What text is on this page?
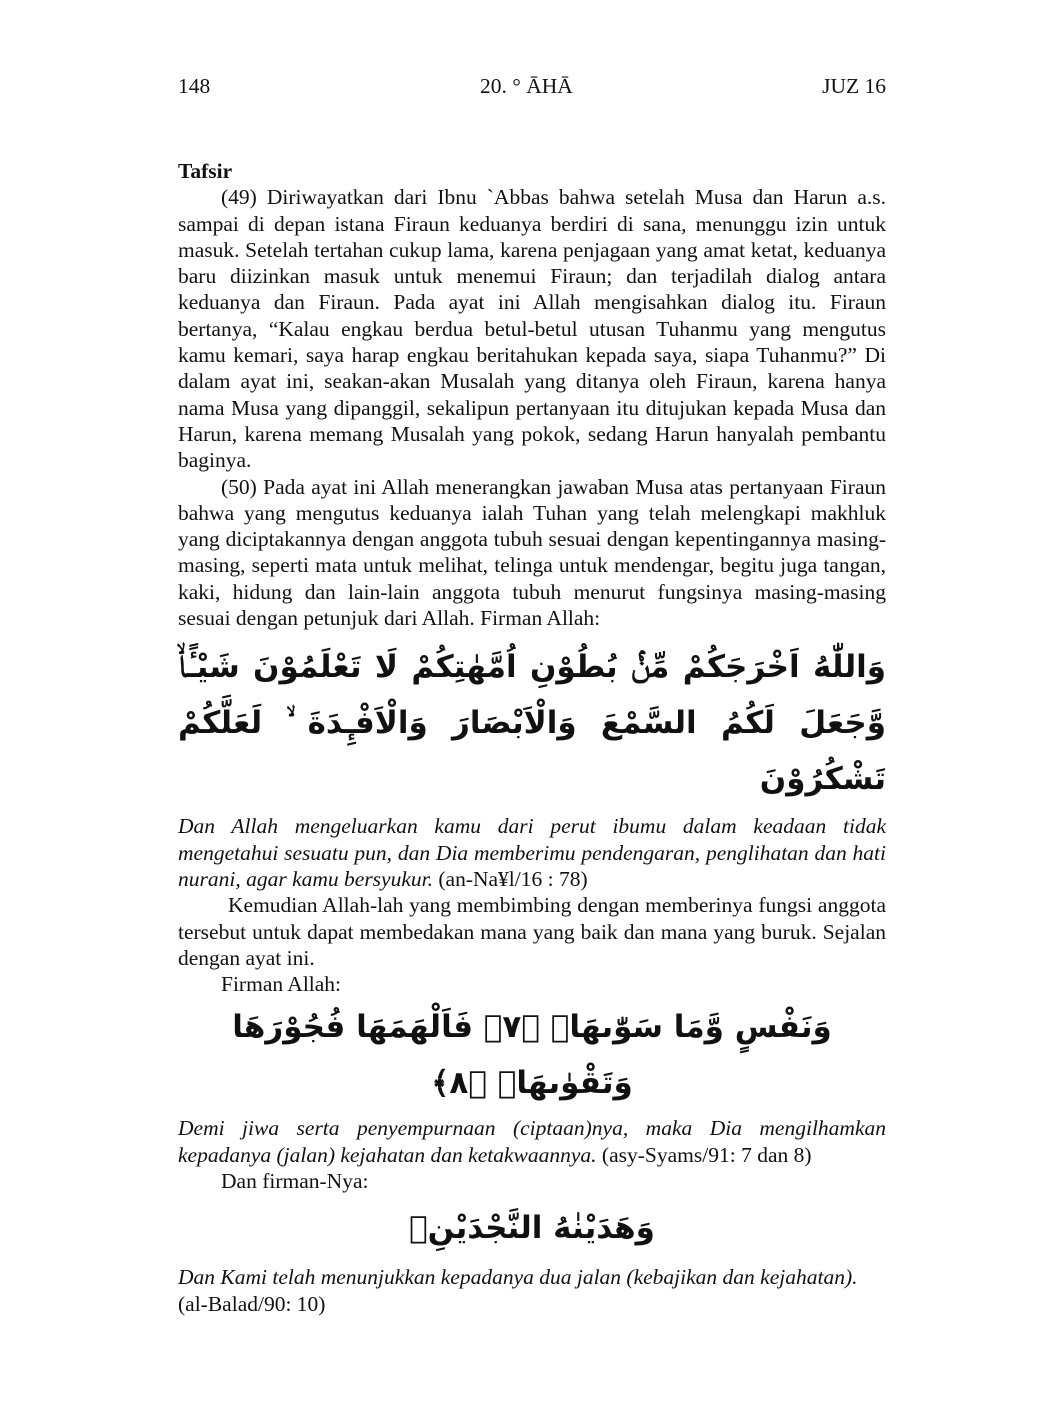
148	20. ° ĀHĀ	JUZ 16
Tafsir

(49) Diriwayatkan dari Ibnu `Abbas bahwa setelah Musa dan Harun a.s. sampai di depan istana Firaun keduanya berdiri di sana, menunggu izin untuk masuk. Setelah tertahan cukup lama, karena penjagaan yang amat ketat, keduanya baru diizinkan masuk untuk menemui Firaun; dan terjadilah dialog antara keduanya dan Firaun. Pada ayat ini Allah mengisahkan dialog itu. Firaun bertanya, “Kalau engkau berdua betul-betul utusan Tuhanmu yang mengutus kamu kemari, saya harap engkau beritahukan kepada saya, siapa Tuhanmu?” Di dalam ayat ini, seakan-akan Musalah yang ditanya oleh Firaun, karena hanya nama Musa yang dipanggil, sekalipun pertanyaan itu ditujukan kepada Musa dan Harun, karena memang Musalah yang pokok, sedang Harun hanyalah pembantu baginya.

(50) Pada ayat ini Allah menerangkan jawaban Musa atas pertanyaan Firaun bahwa yang mengutus keduanya ialah Tuhan yang telah melengkapi makhluk yang diciptakannya dengan anggota tubuh sesuai dengan kepentingannya masing-masing, seperti mata untuk melihat, telinga untuk mendengar, begitu juga tangan, kaki, hidung dan lain-lain anggota tubuh menurut fungsinya masing-masing sesuai dengan petunjuk dari Allah. Firman Allah:

وَاللّٰهُ اَخْرَجَكُمْ مِّنْۢ بُطُوْنِ اُمَّهٰتِكُمْ لَا تَعْلَمُوْنَ شَيْـًٔاۙ وَّجَعَلَ لَكُمُ السَّمْعَ وَالْاَبْصَارَ وَالْاَفْـِٕدَةَ ۙ لَعَلَّكُمْ تَشْكُرُوْنَ

Dan Allah mengeluarkan kamu dari perut ibumu dalam keadaan tidak mengetahui sesuatu pun, dan Dia memberimu pendengaran, penglihatan dan hati nurani, agar kamu bersyukur. (an-Na¥l/16 : 78)

Kemudian Allah-lah yang membimbing dengan memberinya fungsi anggota tersebut untuk dapat membedakan mana yang baik dan mana yang buruk. Sejalan dengan ayat ini.

Firman Allah:

وَنَفْسٍ وَّمَا سَوّٰىهَاۖ ﴿٧﴾ فَاَلْهَمَهَا فُجُوْرَهَا وَتَقْوٰىهَاۖ ﴿٨﴾

Demi jiwa serta penyempurnaan (ciptaan)nya, maka Dia mengilhamkan kepadanya (jalan) kejahatan dan ketakwaannya. (asy-Syams/91: 7 dan 8)

Dan firman-Nya:

وَهَدَيْنٰهُ النَّجْدَيْنِۙ

Dan Kami telah menunjukkan kepadanya dua jalan (kebajikan dan kejahatan).

(al-Balad/90: 10)
